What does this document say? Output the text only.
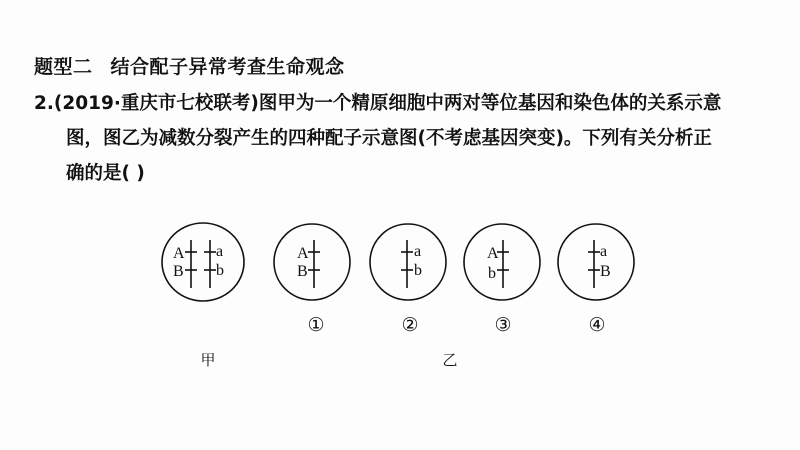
题型二 结合配子异常考查生命观念
2.(2019·重庆市七校联考)图甲为一个精原细胞中两对等位基因和染色体的关系示意
图，图乙为减数分裂产生的四种配子示意图(不考虑基因突变)。下列有关分析正
确的是( )
A
B
a
b
A
B
a
b
A
b
a
B
①	②	③	④
甲	乙
